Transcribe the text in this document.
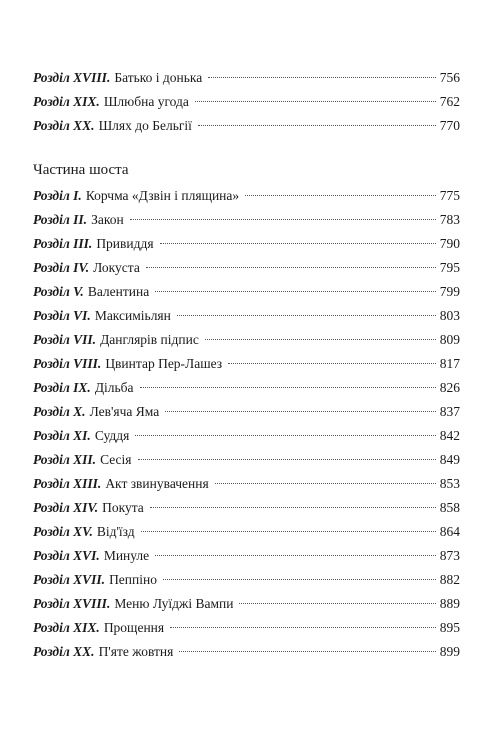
Розділ XVIII. Батько і донька	756
Розділ XIX. Шлюбна угода	762
Розділ XX. Шлях до Бельгії	770
Частина шоста
Розділ I. Корчма «Дзвін і плящина»	775
Розділ II. Закон	783
Розділ III. Привиддя	790
Розділ IV. Локуста	795
Розділ V. Валентина	799
Розділ VI. Максиміьлян	803
Розділ VII. Данглярів підпис	809
Розділ VIII. Цвинтар Пер-Лашез	817
Розділ IX. Дільба	826
Розділ X. Лев'яча Яма	837
Розділ XI. Суддя	842
Розділ XII. Сесія	849
Розділ XIII. Акт звинувачення	853
Розділ XIV. Покута	858
Розділ XV. Від'їзд	864
Розділ XVI. Минуле	873
Розділ XVII. Пеппіно	882
Розділ XVIII. Меню Луїджі Вампи	889
Розділ XIX. Прощення	895
Розділ XX. П'яте жовтня	899
